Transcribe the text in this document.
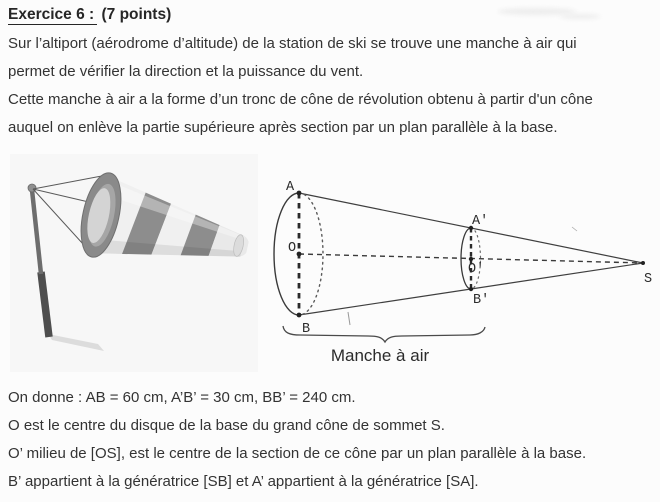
Exercice 6 : (7 points)
Sur l’altiport (aérodrome d’altitude) de la station de ski se trouve une manche à air qui
permet de vérifier la direction et la puissance du vent.
Cette manche à air a la forme d’un tronc de cône de révolution obtenu à partir d'un cône
auquel on enlève la partie supérieure après section par un plan parallèle à la base.
A
O
B
A'
O'
B'
S
Manche à air
On donne : AB = 60 cm, A’B’ = 30 cm, BB’ = 240 cm.
O est le centre du disque de la base du grand cône de sommet S.
O’ milieu de [OS], est le centre de la section de ce cône par un plan parallèle à la base.
B’ appartient à la génératrice [SB] et A’ appartient à la génératrice [SA].
